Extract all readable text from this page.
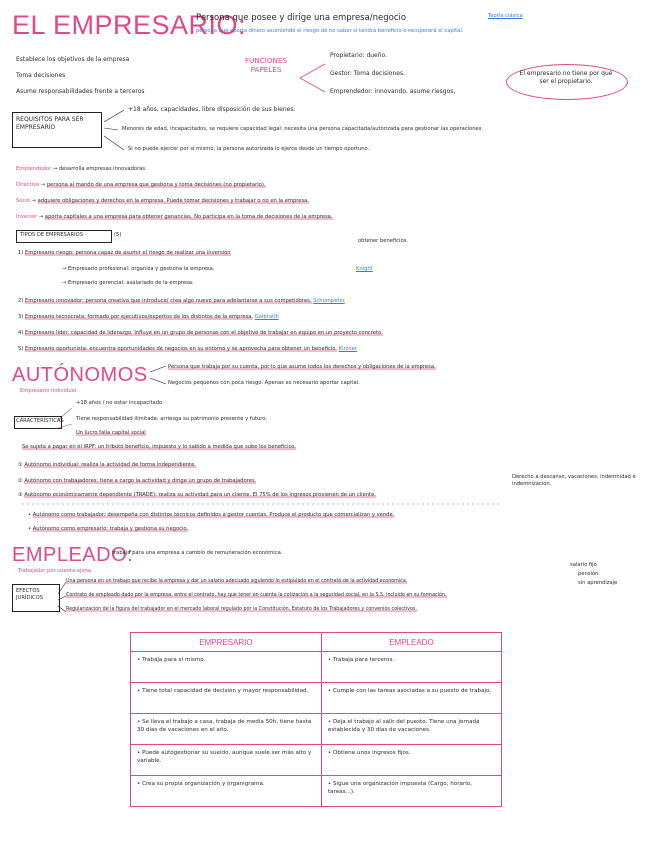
EL EMPRESARIO:
Persona que posee y dirige una empresa/negocio	Teoría clásica
persona que aporta dinero asumiendo el riesgo de no saber si tendrá beneficio ó recuperará el capital.
Establece los objetivos de la empresa
Toma decisiones
Asume responsabilidades frente a terceros
FUNCIONES PAPELES
Propietario: dueño.
Gestor: Toma decisiones.
Emprendedor: innovando, asume riesgos.
El empresario no tiene por qué ser el propietario.
REQUISITOS PARA SER EMPRESARIO
+18 años, capacidades, libre disposición de sus bienes.
Menores de edad, incapacitados, se requiere capacidad legal: necesita una persona capacitada/autorizada para gestionar las operaciones.
Si no puede ejercer por sí mismo, la persona autorizada lo ejerce desde un tiempo oportuno.
Emprendedor → desarrolla empresas innovadoras.
Directivo → persona al mando de una empresa que gestiona y toma decisiones (no propietario).
Socio → adquiere obligaciones y derechos en la empresa. Puede tomar decisiones y trabajar o no en la empresa.
Inversor → aporta capitales a una empresa para obtener ganancias. No participa en la toma de decisiones de la empresa.
TIPOS DE EMPRESARIOS	(5)
1) Empresario riesgo: persona capaz de asumir el riesgo de realizar una inversión
obtener beneficios.
→ Empresario profesional: organiza y gestiona la empresa.	Knight
→ Empresario gerencial: asalariado de la empresa.
2) Empresario innovador: persona creativa que introduce/ crea algo nuevo para adelantarse a sus competidores. Schumpeter
3) Empresario tecnócrata: formado por ejecutivos/expertos de los distintos de la empresa. Galbraith
4) Empresario líder: capacidad de liderazgo. Influye en un grupo de personas con el objetivo de trabajar en equipo en un proyecto concreto.
5) Empresario oportunista: encuentra oportunidades de negocios en su entorno y se aprovecha para obtener un beneficio. Kirzner
AUTÓNOMOS
Empresario individual
Persona que trabaja por su cuenta, por lo que asume todos los derechos y obligaciones de la empresa.
Negocios pequeños con poca riesgo. Apenas es necesario aportar capital.
+18 años / no estar incapacitado
CARACTERÍSTICAS Tiene responsabilidad ilimitada: arriesga su patrimonio presente y futuro.
Un lucro falla capital social
Se sujeta a pagar en el IRPF: un tributo beneficio, impuesto y lo sabido a medida que sube los beneficios.
① Autónomo individual: realiza la actividad de forma independiente.
② Autónomo con trabajadores: tiene a cargo la actividad y dirige un grupo de trabajadores.
③ Autónomo económicamente dependiente (TRADE): realiza su actividad para un cliente. El 75% de los ingresos provienen de un cliente.
Derecho a descanso, vacaciones, indemnidad e indemnización.
• Autónomo como trabajador: desempeña con distintos técnicos definidos a gestor cuentas. Produce el producto que comercializan y vende.
• Autónomo como empresario: trabaja y gestiona su negocio.
EMPLEADO:
trabaja para una empresa a cambio de remuneración económica.
Trabajador por cuenta ajena
salario fijo
pensión
sin aprendizaje
EFECTOS JURÍDICOS
Una persona en un trabajo que recibe la empresa y dar un salario adecuado siguiendo lo estipulado en el contrato de la actividad económica.
Contrato de empleado dado por la empresa: entre el contrato, hay que tener en cuenta la cotización a la seguridad social, en la S.S. incluido en su formación.
Regularización de la figura del trabajador en el mercado laboral regulado por la Constitución, Estatuto de los Trabajadores y convenios colectivos.
EMPRESARIO	EMPLEADO
• Trabaja para sí mismo.	• Trabaja para terceros.
• Tiene total capacidad de decisión y mayor responsabilidad.	• Cumple con las tareas asociadas a su puesto de trabajo.
• Se lleva el trabajo a casa, trabaja de media 50h, tiene hasta 30 días de vacaciones en el año.	• Deja el trabajo al salir del puesto. Tiene una jornada establecida y 30 días de vacaciones.
• Puede autogestionar su sueldo, aunque suele ser más alto y variable.	• Obtiene unos ingresos fijos.
• Crea su propia organización y organigrama.	• Sigue una organización impuesta (Cargo, horario, tareas...).
